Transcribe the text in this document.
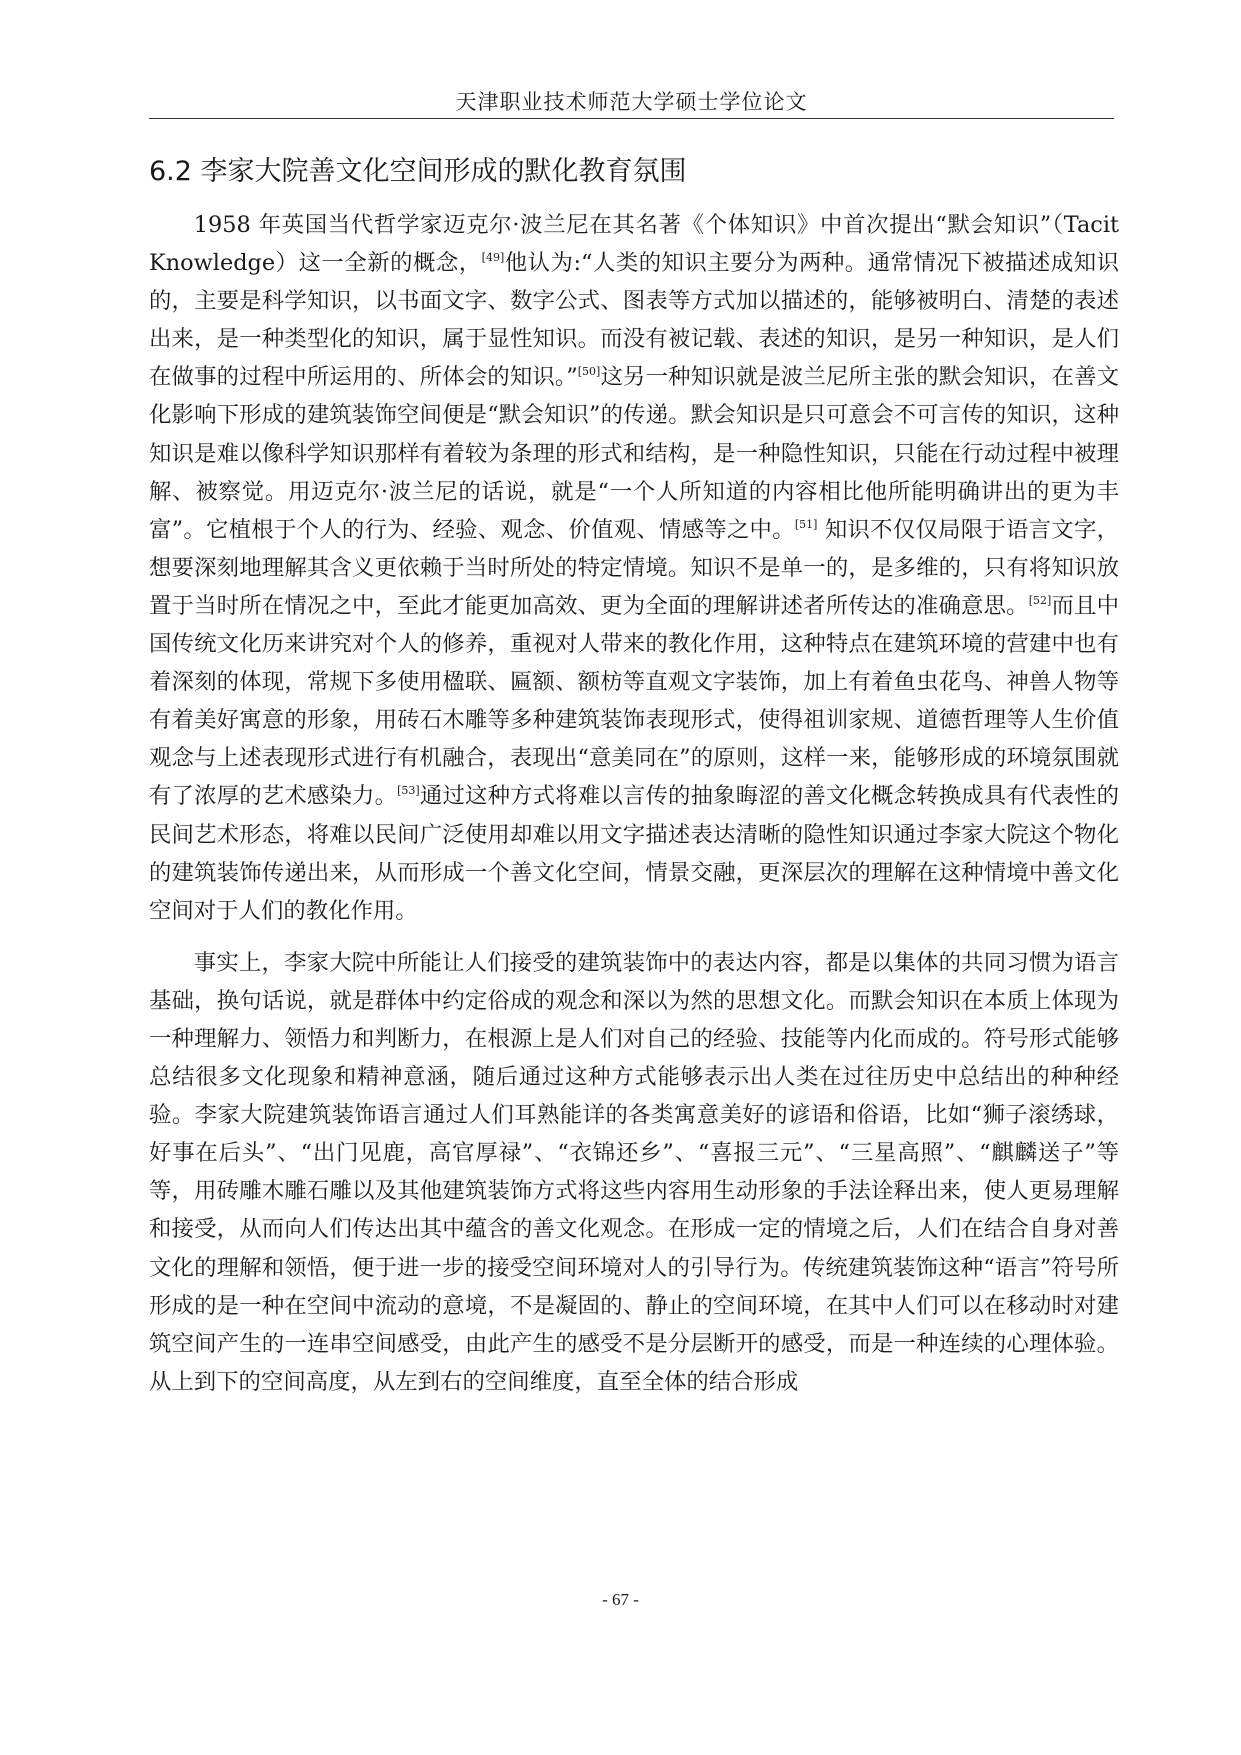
天津职业技术师范大学硕士学位论文
6.2 李家大院善文化空间形成的默化教育氛围

1958 年英国当代哲学家迈克尔·波兰尼在其名著《个体知识》中首次提出“默会知识”（Tacit Knowledge）这一全新的概念，[49]他认为:“人类的知识主要分为两种。通常情况下被描述成知识的，主要是科学知识，以书面文字、数字公式、图表等方式加以描述的，能够被明白、清楚的表述出来，是一种类型化的知识，属于显性知识。而没有被记载、表述的知识，是另一种知识，是人们在做事的过程中所运用的、所体会的知识。”[50]这另一种知识就是波兰尼所主张的默会知识，在善文化影响下形成的建筑装饰空间便是“默会知识”的传递。默会知识是只可意会不可言传的知识，这种知识是难以像科学知识那样有着较为条理的形式和结构，是一种隐性知识，只能在行动过程中被理解、被察觉。用迈克尔·波兰尼的话说，就是“一个人所知道的内容相比他所能明确讲出的更为丰富”。它植根于个人的行为、经验、观念、价值观、情感等之中。[51] 知识不仅仅局限于语言文字，想要深刻地理解其含义更依赖于当时所处的特定情境。知识不是单一的，是多维的，只有将知识放置于当时所在情况之中，至此才能更加高效、更为全面的理解讲述者所传达的准确意思。[52]而且中国传统文化历来讲究对个人的修养，重视对人带来的教化作用，这种特点在建筑环境的营建中也有着深刻的体现，常规下多使用楹联、匾额、额枋等直观文字装饰，加上有着鱼虫花鸟、神兽人物等有着美好寓意的形象，用砖石木雕等多种建筑装饰表现形式，使得祖训家规、道德哲理等人生价值观念与上述表现形式进行有机融合，表现出“意美同在”的原则，这样一来，能够形成的环境氛围就有了浓厚的艺术感染力。[53]通过这种方式将难以言传的抽象晦涩的善文化概念转换成具有代表性的民间艺术形态，将难以民间广泛使用却难以用文字描述表达清晰的隐性知识通过李家大院这个物化的建筑装饰传递出来，从而形成一个善文化空间，情景交融，更深层次的理解在这种情境中善文化空间对于人们的教化作用。

事实上，李家大院中所能让人们接受的建筑装饰中的表达内容，都是以集体的共同习惯为语言基础，换句话说，就是群体中约定俗成的观念和深以为然的思想文化。而默会知识在本质上体现为一种理解力、领悟力和判断力，在根源上是人们对自己的经验、技能等内化而成的。符号形式能够总结很多文化现象和精神意涵，随后通过这种方式能够表示出人类在过往历史中总结出的种种经验。李家大院建筑装饰语言通过人们耳熟能详的各类寓意美好的谚语和俗语，比如“狮子滚绣球，好事在后头”、“出门见鹿，高官厚禄”、“衣锦还乡”、“喜报三元”、“三星高照”、“麒麟送子”等等，用砖雕木雕石雕以及其他建筑装饰方式将这些内容用生动形象的手法诠释出来，使人更易理解和接受，从而向人们传达出其中蕴含的善文化观念。在形成一定的情境之后，人们在结合自身对善文化的理解和领悟，便于进一步的接受空间环境对人的引导行为。传统建筑装饰这种“语言”符号所形成的是一种在空间中流动的意境，不是凝固的、静止的空间环境，在其中人们可以在移动时对建筑空间产生的一连串空间感受，由此产生的感受不是分层断开的感受，而是一种连续的心理体验。从上到下的空间高度，从左到右的空间维度，直至全体的结合形成

- 67 -
